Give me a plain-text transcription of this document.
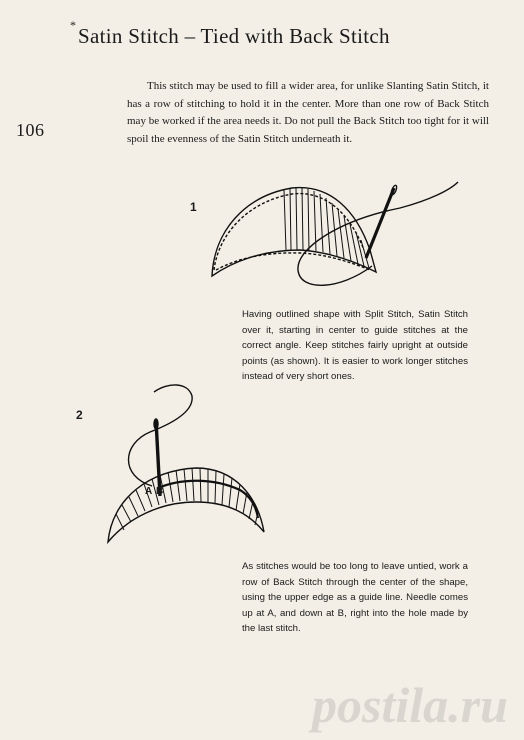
* Satin Stitch – Tied with Back Stitch
106

This stitch may be used to fill a wider area, for unlike Slanting Satin Stitch, it has a row of stitching to hold it in the center. More than one row of Back Stitch may be worked if the area needs it. Do not pull the Back Stitch too tight for it will spoil the evenness of the Satin Stitch underneath it.

1
2
A B

Having outlined shape with Split Stitch, Satin Stitch over it, starting in center to guide stitches at the correct angle. Keep stitches fairly upright at outside points (as shown). It is easier to work longer stitches instead of very short ones.

As stitches would be too long to leave untied, work a row of Back Stitch through the center of the shape, using the upper edge as a guide line. Needle comes up at A, and down at B, right into the hole made by the last stitch.

postila.ru
